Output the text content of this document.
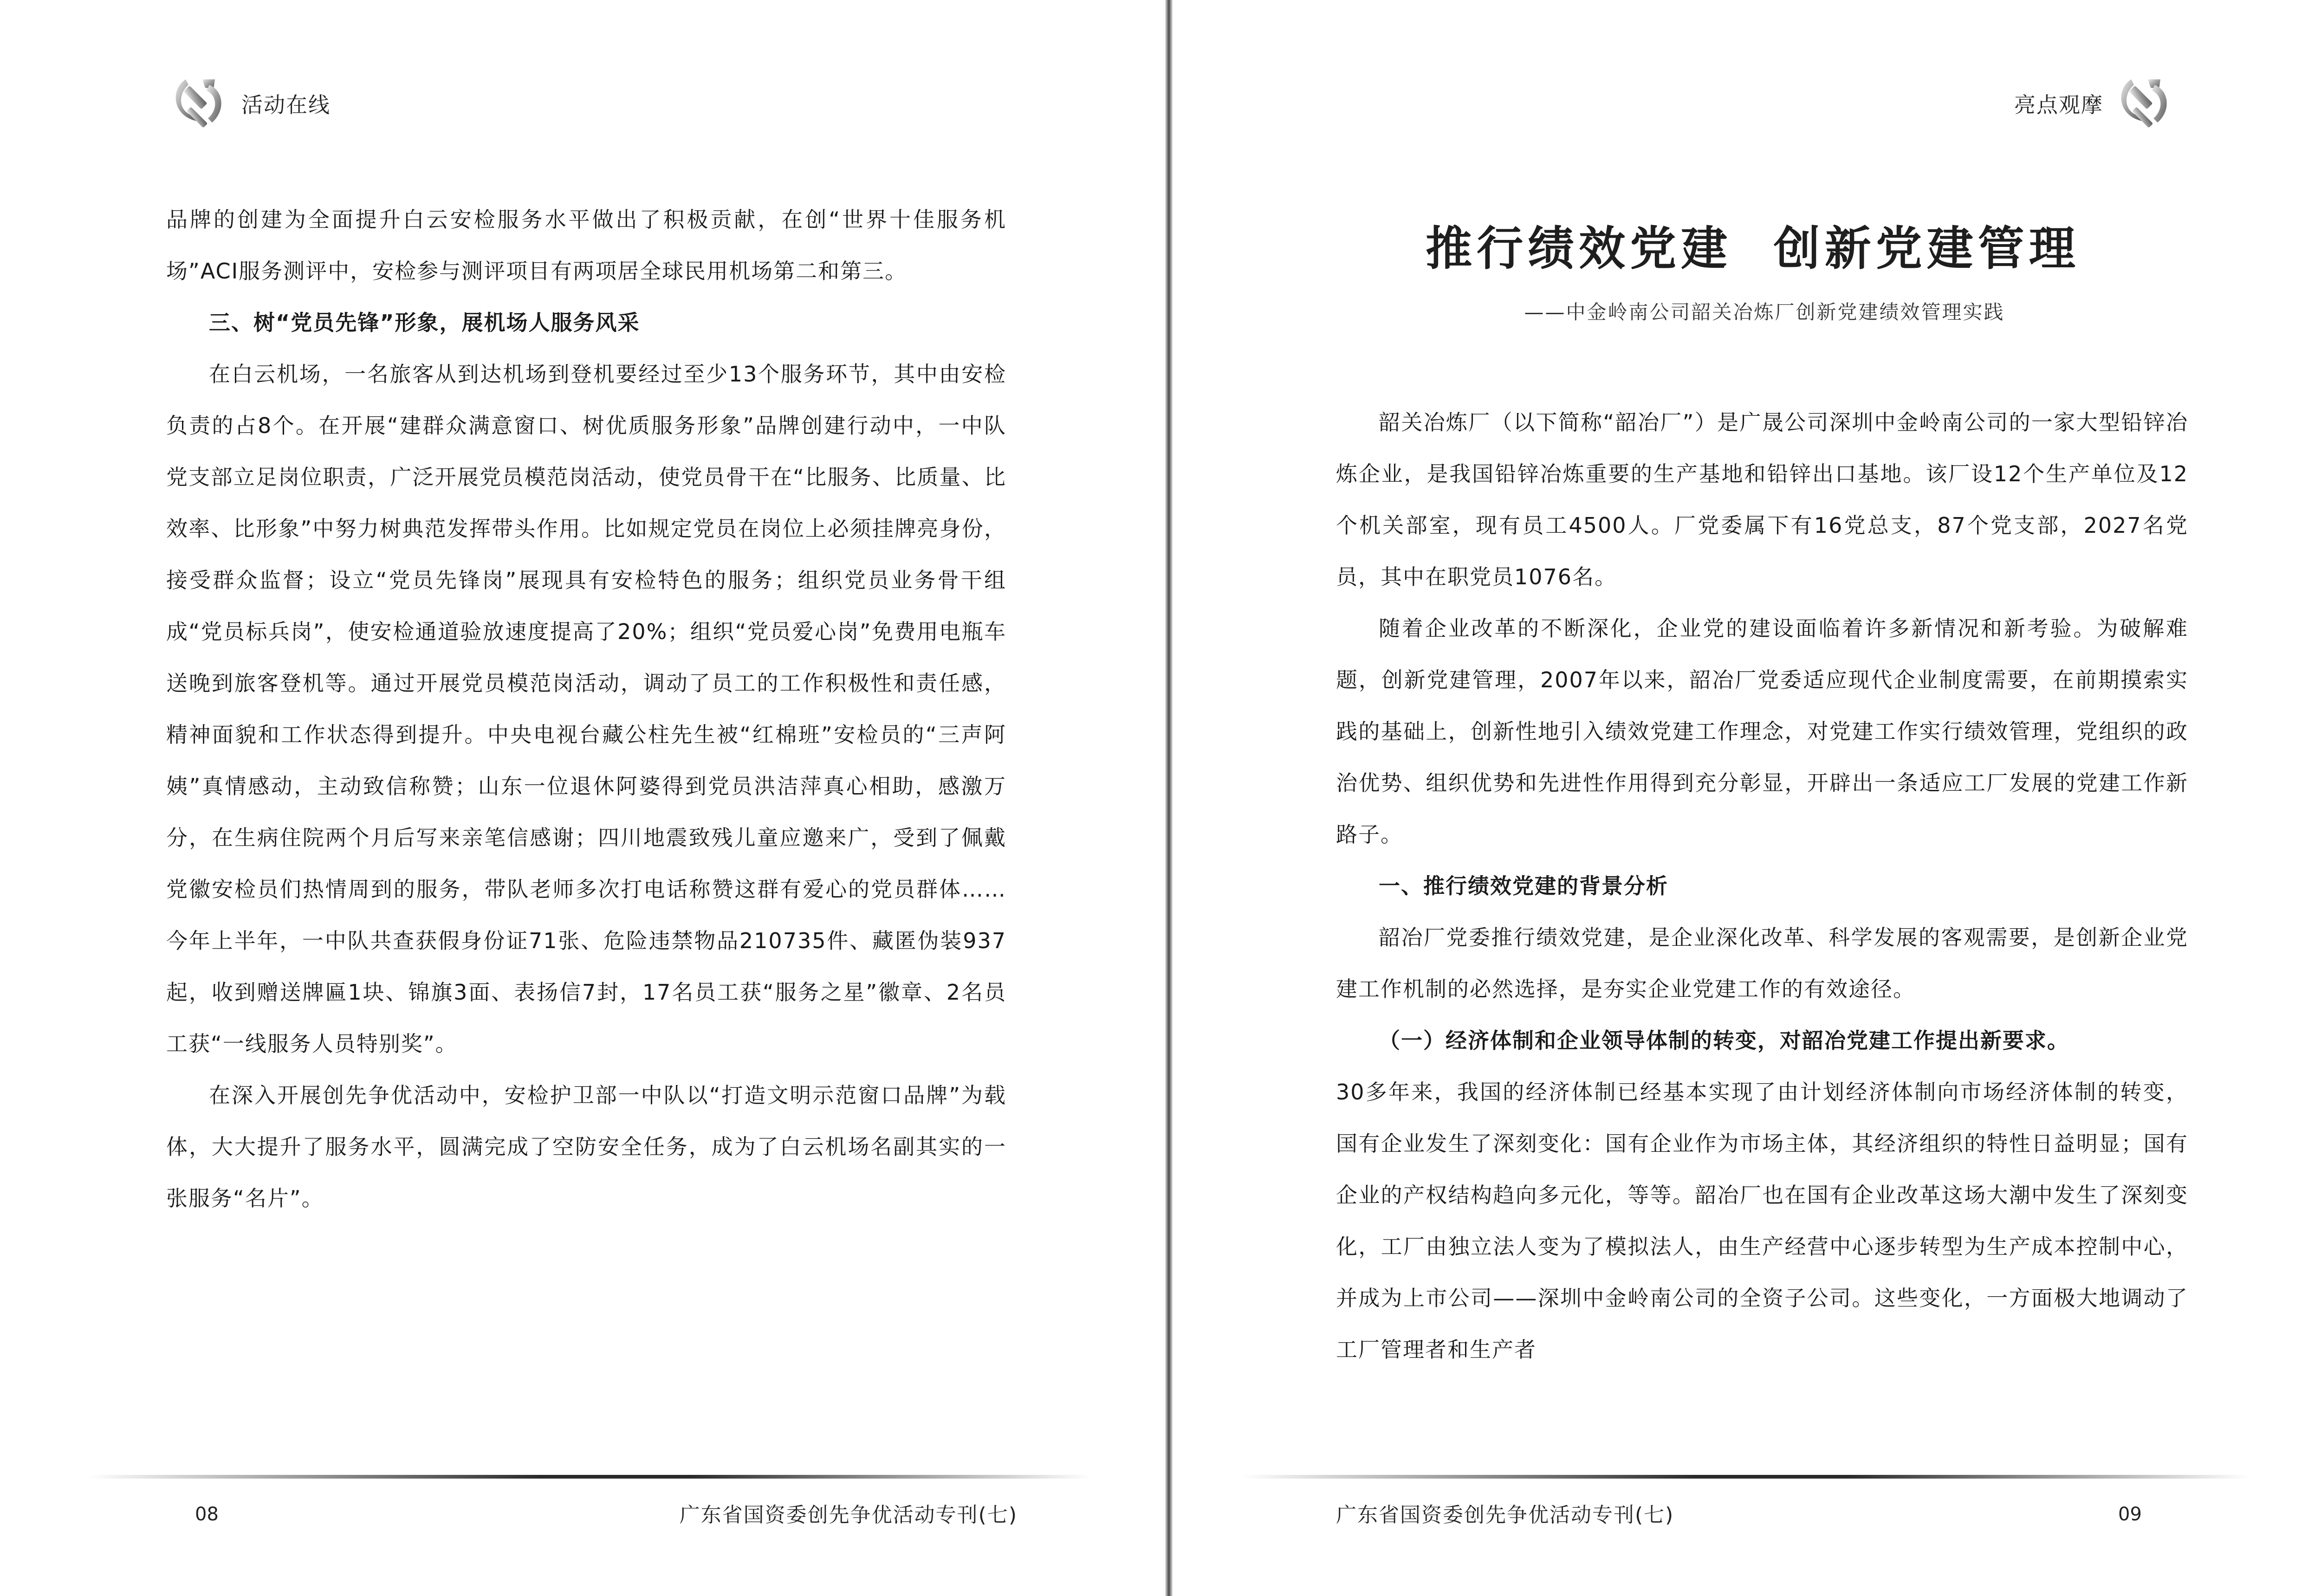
活动在线

品牌的创建为全面提升白云安检服务水平做出了积极贡献，在创“世界十佳服务机场”ACI服务测评中，安检参与测评项目有两项居全球民用机场第二和第三。

三、树“党员先锋”形象，展机场人服务风采

在白云机场，一名旅客从到达机场到登机要经过至少13个服务环节，其中由安检负责的占8个。在开展“建群众满意窗口、树优质服务形象”品牌创建行动中，一中队党支部立足岗位职责，广泛开展党员模范岗活动，使党员骨干在“比服务、比质量、比效率、比形象”中努力树典范发挥带头作用。比如规定党员在岗位上必须挂牌亮身份，接受群众监督；设立“党员先锋岗”展现具有安检特色的服务；组织党员业务骨干组成“党员标兵岗”，使安检通道验放速度提高了20%；组织“党员爱心岗”免费用电瓶车送晚到旅客登机等。通过开展党员模范岗活动，调动了员工的工作积极性和责任感，精神面貌和工作状态得到提升。中央电视台藏公柱先生被“红棉班”安检员的“三声阿姨”真情感动，主动致信称赞；山东一位退休阿婆得到党员洪洁萍真心相助，感激万分，在生病住院两个月后写来亲笔信感谢；四川地震致残儿童应邀来广，受到了佩戴党徽安检员们热情周到的服务，带队老师多次打电话称赞这群有爱心的党员群体……今年上半年，一中队共查获假身份证71张、危险违禁物品210735件、藏匿伪装937起，收到赠送牌匾1块、锦旗3面、表扬信7封，17名员工获“服务之星”徽章、2名员工获“一线服务人员特别奖”。

在深入开展创先争优活动中，安检护卫部一中队以“打造文明示范窗口品牌”为载体，大大提升了服务水平，圆满完成了空防安全任务，成为了白云机场名副其实的一张服务“名片”。

08	广东省国资委创先争优活动专刊(七)
亮点观摩
推行绩效党建  创新党建管理
——中金岭南公司韶关冶炼厂创新党建绩效管理实践

韶关冶炼厂（以下简称“韶冶厂”）是广晟公司深圳中金岭南公司的一家大型铅锌冶炼企业，是我国铅锌冶炼重要的生产基地和铅锌出口基地。该厂设12个生产单位及12个机关部室，现有员工4500人。厂党委属下有16党总支，87个党支部，2027名党员，其中在职党员1076名。

随着企业改革的不断深化，企业党的建设面临着许多新情况和新考验。为破解难题，创新党建管理，2007年以来，韶冶厂党委适应现代企业制度需要，在前期摸索实践的基础上，创新性地引入绩效党建工作理念，对党建工作实行绩效管理，党组织的政治优势、组织优势和先进性作用得到充分彰显，开辟出一条适应工厂发展的党建工作新路子。

一、推行绩效党建的背景分析

韶冶厂党委推行绩效党建，是企业深化改革、科学发展的客观需要，是创新企业党建工作机制的必然选择，是夯实企业党建工作的有效途径。

（一）经济体制和企业领导体制的转变，对韶冶党建工作提出新要求。

30多年来，我国的经济体制已经基本实现了由计划经济体制向市场经济体制的转变，国有企业发生了深刻变化：国有企业作为市场主体，其经济组织的特性日益明显；国有企业的产权结构趋向多元化，等等。韶冶厂也在国有企业改革这场大潮中发生了深刻变化，工厂由独立法人变为了模拟法人，由生产经营中心逐步转型为生产成本控制中心，并成为上市公司——深圳中金岭南公司的全资子公司。这些变化，一方面极大地调动了工厂管理者和生产者

广东省国资委创先争优活动专刊(七)	09
